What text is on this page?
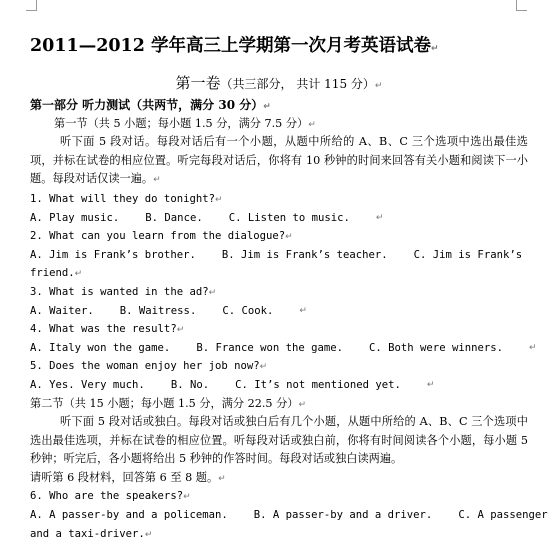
2011—2012 学年高三上学期第一次月考英语试卷↵
第一卷（共三部分， 共计 115 分）↵
第一部分 听力测试（共两节，满分 30 分）↵
第一节（共 5 小题；每小题 1.5 分，满分 7.5 分）↵
听下面 5 段对话。每段对话后有一个小题，从题中所给的 A、B、C 三个选项中选出最佳选项，并标在试卷的相应位置。听完每段对话后，你将有 10 秒钟的时间来回答有关小题和阅读下一小题。每段对话仅读一遍。↵
1. What will they do tonight?↵
A. Play music. B. Dance. C. Listen to music.	↵
2. What can you learn from the dialogue?↵
A. Jim is Frank’s brother. B. Jim is Frank’s teacher. C. Jim is Frank’s
friend.↵
3. What is wanted in the ad?↵
A. Waiter. B. Waitress. C. Cook.	↵
4. What was the result?↵
A. Italy won the game. B. France won the game. C. Both were winners.	↵
5. Does the woman enjoy her job now?↵
A. Yes. Very much. B. No. C. It’s not mentioned yet.	↵
第二节（共 15 小题；每小题 1.5 分，满分 22.5 分）↵
听下面 5 段对话或独白。每段对话或独白后有几个小题，从题中所给的 A、B、C 三个选项中选出最佳选项，并标在试卷的相应位置。听每段对话或独白前，你将有时间阅读各个小题，每小题 5 秒钟；听完后，各小题将给出 5 秒钟的作答时间。每段对话或独白读两遍。
请听第 6 段材料，回答第 6 至 8 题。↵
6. Who are the speakers?↵
A. A passer-by and a policeman. B. A passer-by and a driver. C. A passenger
and a taxi-driver.↵
